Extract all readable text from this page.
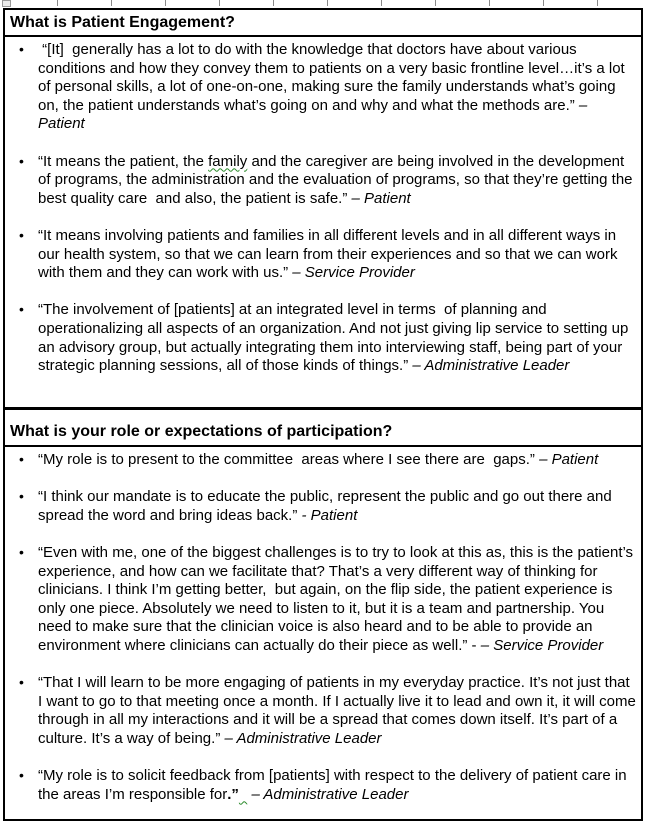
What is Patient Engagement?
• “[It]  generally has a lot to do with the knowledge that doctors have about various conditions and how they convey them to patients on a very basic frontline level…it’s a lot of personal skills, a lot of one-on-one, making sure the family understands what’s going on, the patient understands what’s going on and why and what the methods are.” – Patient
• “It means the patient, the family and the caregiver are being involved in the development of programs, the administration and the evaluation of programs, so that they’re getting the best quality care  and also, the patient is safe.” – Patient
• “It means involving patients and families in all different levels and in all different ways in our health system, so that we can learn from their experiences and so that we can work with them and they can work with us.” – Service Provider
• “The involvement of [patients] at an integrated level in terms  of planning and operationalizing all aspects of an organization. And not just giving lip service to setting up an advisory group, but actually integrating them into interviewing staff, being part of your strategic planning sessions, all of those kinds of things.” – Administrative Leader
What is your role or expectations of participation?
• “My role is to present to the committee  areas where I see there are  gaps.” – Patient
• “I think our mandate is to educate the public, represent the public and go out there and spread the word and bring ideas back.” - Patient
• “Even with me, one of the biggest challenges is to try to look at this as, this is the patient’s experience, and how can we facilitate that? That’s a very different way of thinking for clinicians. I think I’m getting better,  but again, on the flip side, the patient experience is only one piece. Absolutely we need to listen to it, but it is a team and partnership. You need to make sure that the clinician voice is also heard and to be able to provide an environment where clinicians can actually do their piece as well.” - – Service Provider
• “That I will learn to be more engaging of patients in my everyday practice. It’s not just that I want to go to that meeting once a month. If I actually live it to lead and own it, it will come through in all my interactions and it will be a spread that comes down itself. It’s part of a culture. It’s a way of being.” – Administrative Leader
• “My role is to solicit feedback from [patients] with respect to the delivery of patient care in the areas I’m responsible for.” – Administrative Leader
